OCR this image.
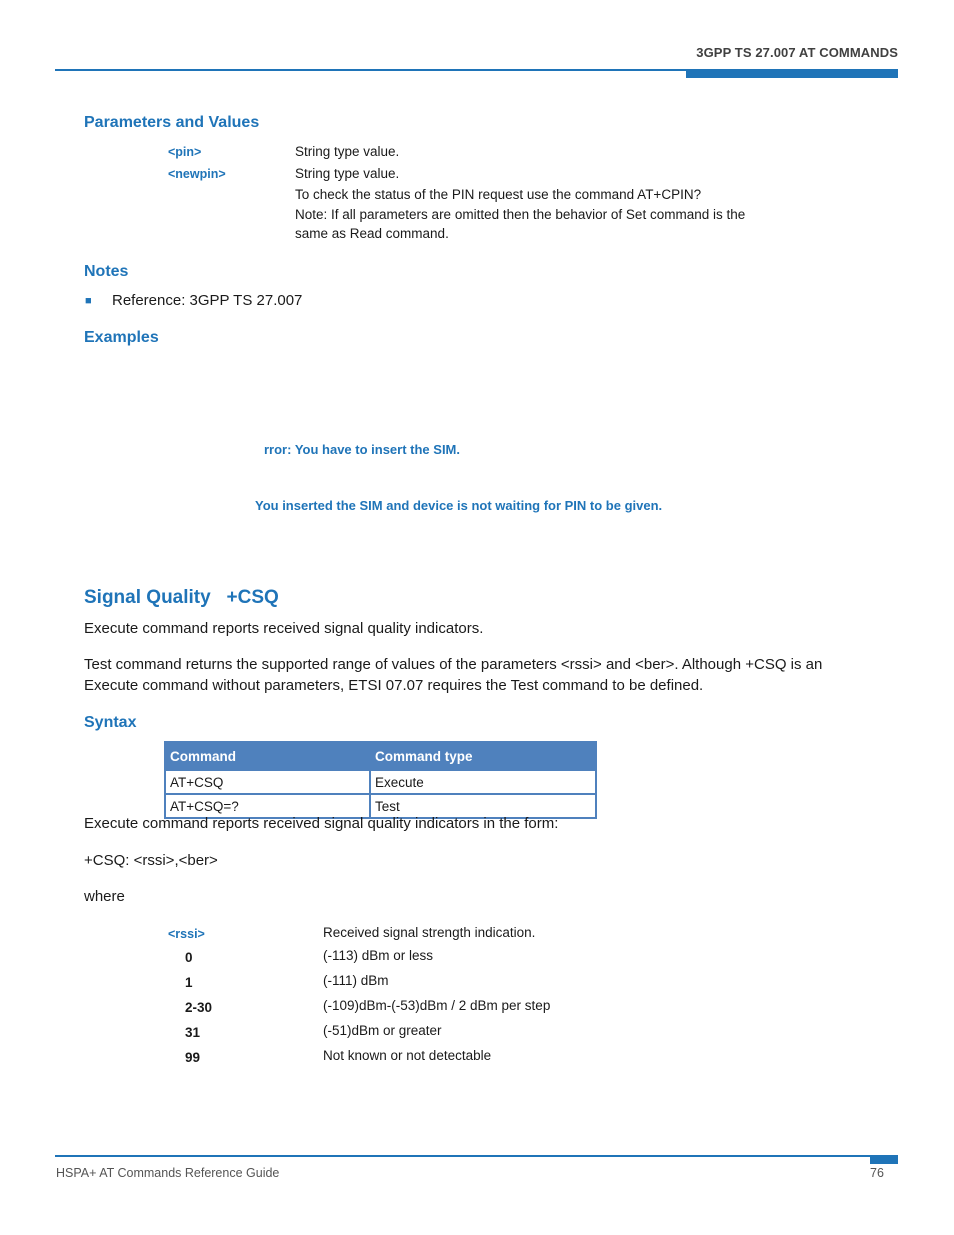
3GPP TS 27.007 AT COMMANDS
Parameters and Values
<pin>	String type value.
<newpin>	String type value.
To check the status of the PIN request use the command AT+CPIN?
Note: If all parameters are omitted then the behavior of Set command is the
same as Read command.
Notes
■ Reference: 3GPP TS 27.007
Examples
rror: You have to insert the SIM.
You inserted the SIM and device is not waiting for PIN to be given.
Signal Quality   +CSQ
Execute command reports received signal quality indicators.
Test command returns the supported range of values of the parameters <rssi> and <ber>. Although +CSQ is an
Execute command without parameters, ETSI 07.07 requires the Test command to be defined.
Syntax
Command	Command type
AT+CSQ	Execute
AT+CSQ=?	Test
Execute command reports received signal quality indicators in the form:
+CSQ: <rssi>,<ber>
where
<rssi>	Received signal strength indication.
0	(-113) dBm or less
1	(-111) dBm
2-30	(-109)dBm-(-53)dBm / 2 dBm per step
31	(-51)dBm or greater
99	Not known or not detectable
HSPA+ AT Commands Reference Guide	76
